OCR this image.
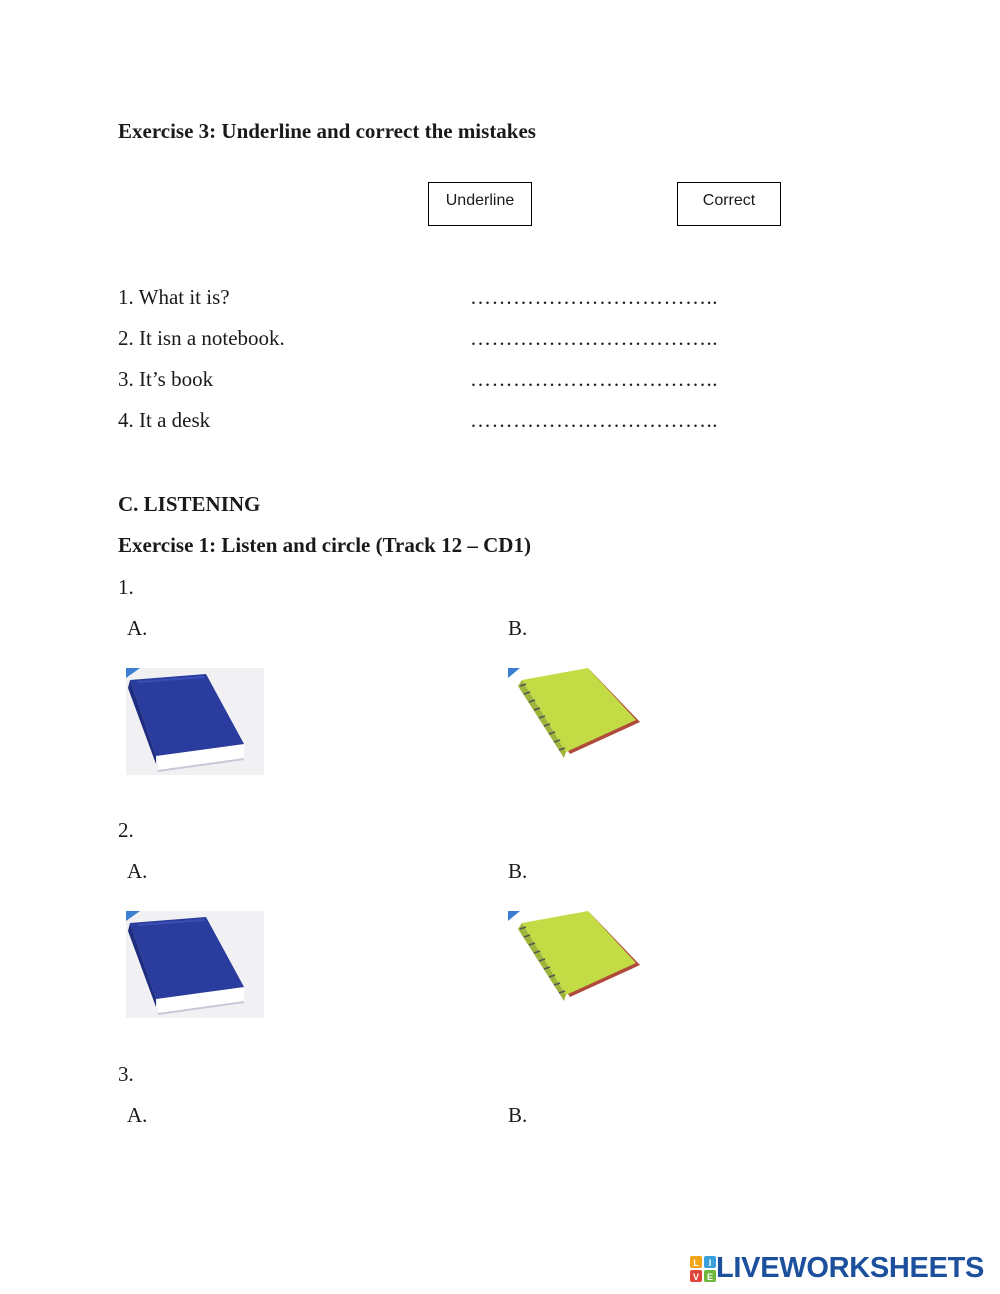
Exercise 3: Underline and correct the mistakes
Underline	Correct
1. What it is?	……………………………..
2. It isn a notebook.	……………………………..
3. It’s book	……………………………..
4. It a desk	……………………………..
C. LISTENING
Exercise 1: Listen and circle (Track 12 – CD1)
1.
A.	B.
2.
A.	B.
3.
A.	B.
L I
V E LIVEWORKSHEETS
